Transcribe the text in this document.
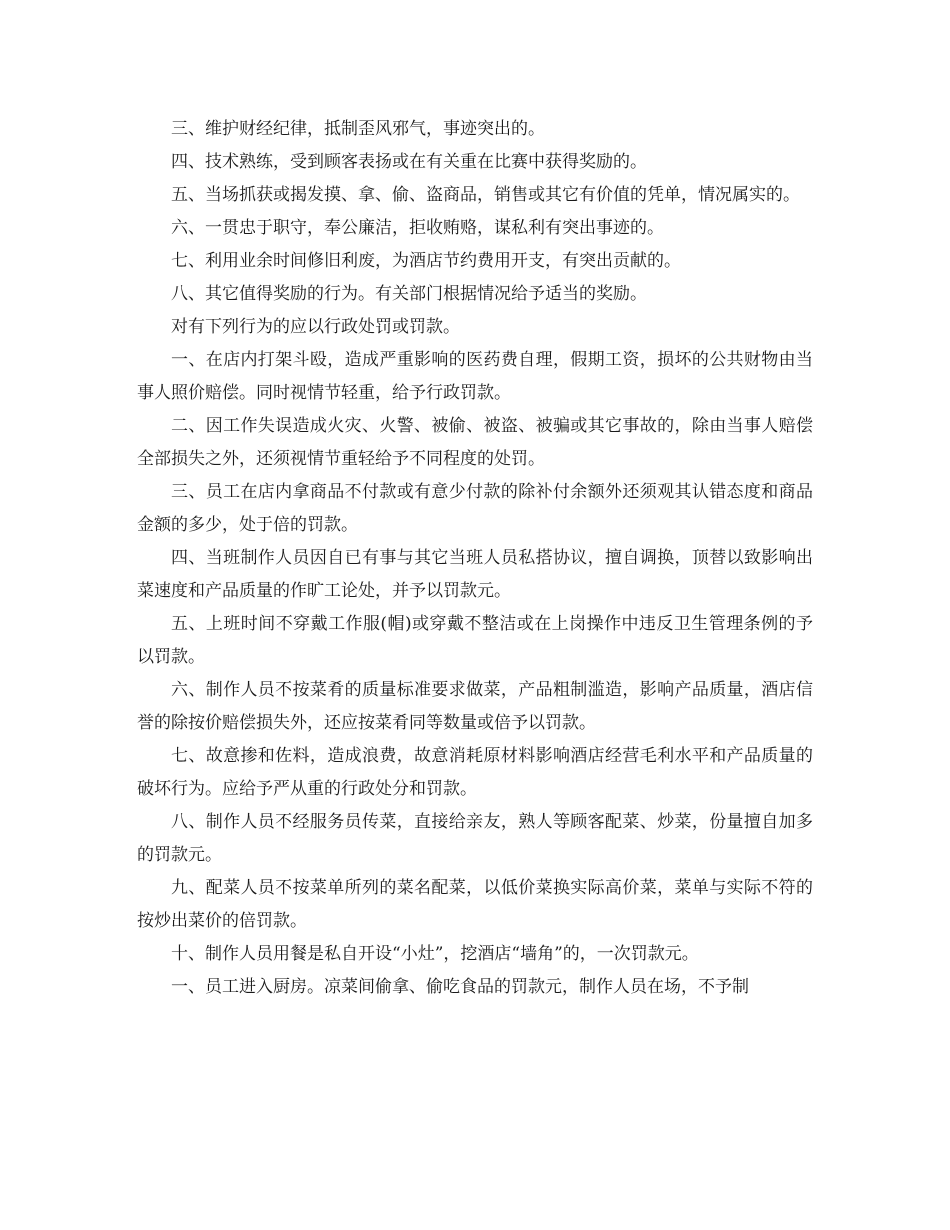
三、维护财经纪律，抵制歪风邪气，事迹突出的。

四、技术熟练，受到顾客表扬或在有关重在比赛中获得奖励的。

五、当场抓获或揭发摸、拿、偷、盗商品，销售或其它有价值的凭单，情况属实的。

六、一贯忠于职守，奉公廉洁，拒收贿赂，谋私利有突出事迹的。

七、利用业余时间修旧利废，为酒店节约费用开支，有突出贡献的。

八、其它值得奖励的行为。有关部门根据情况给予适当的奖励。

对有下列行为的应以行政处罚或罚款。

一、在店内打架斗殴，造成严重影响的医药费自理，假期工资，损坏的公共财物由当事人照价赔偿。同时视情节轻重，给予行政罚款。

二、因工作失误造成火灾、火警、被偷、被盗、被骗或其它事故的，除由当事人赔偿全部损失之外，还须视情节重轻给予不同程度的处罚。

三、员工在店内拿商品不付款或有意少付款的除补付余额外还须观其认错态度和商品金额的多少，处于倍的罚款。

四、当班制作人员因自已有事与其它当班人员私搭协议，擅自调换，顶替以致影响出菜速度和产品质量的作旷工论处，并予以罚款元。

五、上班时间不穿戴工作服(帽)或穿戴不整洁或在上岗操作中违反卫生管理条例的予以罚款。

六、制作人员不按菜肴的质量标准要求做菜，产品粗制滥造，影响产品质量，酒店信誉的除按价赔偿损失外，还应按菜肴同等数量或倍予以罚款。

七、故意掺和佐料，造成浪费，故意消耗原材料影响酒店经营毛利水平和产品质量的破坏行为。应给予严从重的行政处分和罚款。

八、制作人员不经服务员传菜，直接给亲友，熟人等顾客配菜、炒菜，份量擅自加多的罚款元。

九、配菜人员不按菜单所列的菜名配菜，以低价菜换实际高价菜，菜单与实际不符的按炒出菜价的倍罚款。

十、制作人员用餐是私自开设“小灶”，挖酒店“墙角”的，一次罚款元。

一、员工进入厨房。凉菜间偷拿、偷吃食品的罚款元，制作人员在场，不予制
